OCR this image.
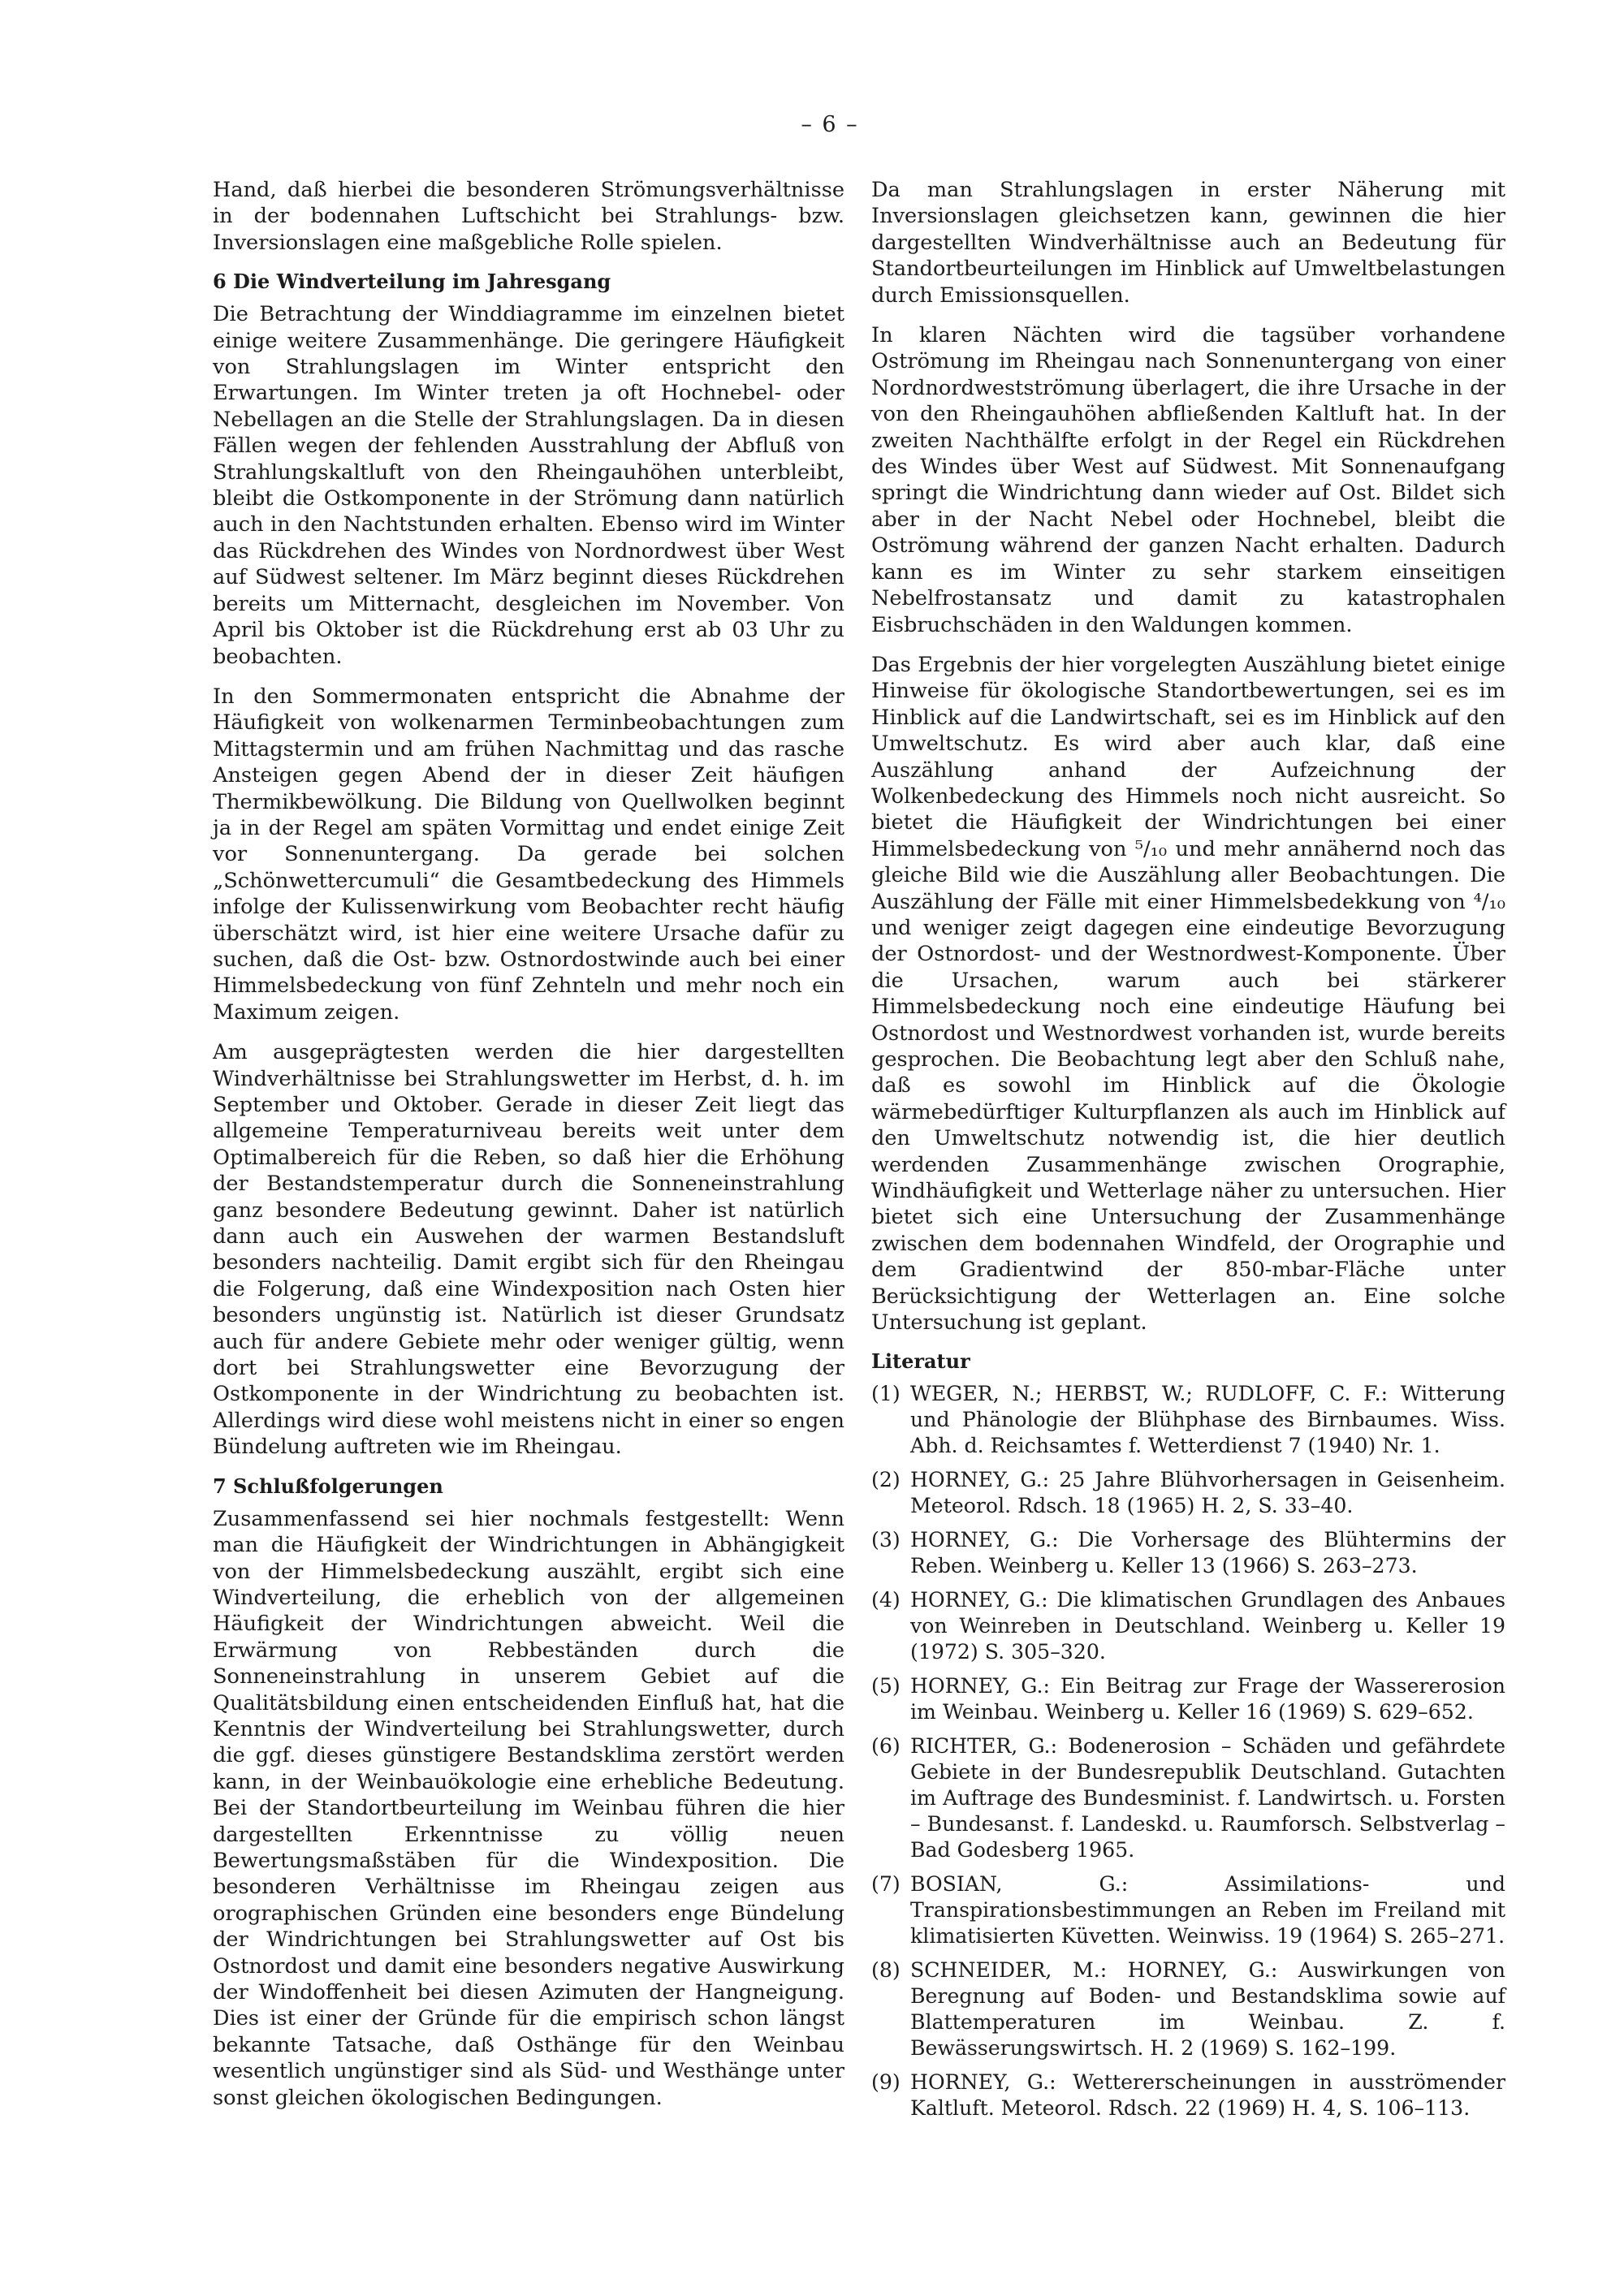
– 6 –

Hand, daß hierbei die besonderen Strömungsverhältnisse in der bodennahen Luftschicht bei Strahlungs- bzw. Inversionslagen eine maßgebliche Rolle spielen.

6 Die Windverteilung im Jahresgang

Die Betrachtung der Winddiagramme im einzelnen bietet einige weitere Zusammenhänge. Die geringere Häufigkeit von Strahlungslagen im Winter entspricht den Erwartungen. Im Winter treten ja oft Hochnebel- oder Nebellagen an die Stelle der Strahlungslagen. Da in diesen Fällen wegen der fehlenden Ausstrahlung der Abfluß von Strahlungskaltluft von den Rheingauhöhen unterbleibt, bleibt die Ostkomponente in der Strömung dann natürlich auch in den Nachtstunden erhalten. Ebenso wird im Winter das Rückdrehen des Windes von Nordnordwest über West auf Südwest seltener. Im März beginnt dieses Rückdrehen bereits um Mitternacht, desgleichen im November. Von April bis Oktober ist die Rückdrehung erst ab 03 Uhr zu beobachten.

In den Sommermonaten entspricht die Abnahme der Häufigkeit von wolkenarmen Terminbeobachtungen zum Mittagstermin und am frühen Nachmittag und das rasche Ansteigen gegen Abend der in dieser Zeit häufigen Thermikbewölkung. Die Bildung von Quellwolken beginnt ja in der Regel am späten Vormittag und endet einige Zeit vor Sonnenuntergang. Da gerade bei solchen „Schönwettercumuli“ die Gesamtbedeckung des Himmels infolge der Kulissenwirkung vom Beobachter recht häufig überschätzt wird, ist hier eine weitere Ursache dafür zu suchen, daß die Ost- bzw. Ostnordostwinde auch bei einer Himmelsbedeckung von fünf Zehnteln und mehr noch ein Maximum zeigen.

Am ausgeprägtesten werden die hier dargestellten Windverhältnisse bei Strahlungswetter im Herbst, d. h. im September und Oktober. Gerade in dieser Zeit liegt das allgemeine Temperaturniveau bereits weit unter dem Optimalbereich für die Reben, so daß hier die Erhöhung der Bestandstemperatur durch die Sonneneinstrahlung ganz besondere Bedeutung gewinnt. Daher ist natürlich dann auch ein Auswehen der warmen Bestandsluft besonders nachteilig. Damit ergibt sich für den Rheingau die Folgerung, daß eine Windexposition nach Osten hier besonders ungünstig ist. Natürlich ist dieser Grundsatz auch für andere Gebiete mehr oder weniger gültig, wenn dort bei Strahlungswetter eine Bevorzugung der Ostkomponente in der Windrichtung zu beobachten ist. Allerdings wird diese wohl meistens nicht in einer so engen Bündelung auftreten wie im Rheingau.

7 Schlußfolgerungen

Zusammenfassend sei hier nochmals festgestellt: Wenn man die Häufigkeit der Windrichtungen in Abhängigkeit von der Himmelsbedeckung auszählt, ergibt sich eine Windverteilung, die erheblich von der allgemeinen Häufigkeit der Windrichtungen abweicht. Weil die Erwärmung von Rebbeständen durch die Sonneneinstrahlung in unserem Gebiet auf die Qualitätsbildung einen entscheidenden Einfluß hat, hat die Kenntnis der Windverteilung bei Strahlungswetter, durch die ggf. dieses günstigere Bestandsklima zerstört werden kann, in der Weinbauökologie eine erhebliche Bedeutung. Bei der Standortbeurteilung im Weinbau führen die hier dargestellten Erkenntnisse zu völlig neuen Bewertungsmaßstäben für die Windexposition. Die besonderen Verhältnisse im Rheingau zeigen aus orographischen Gründen eine besonders enge Bündelung der Windrichtungen bei Strahlungswetter auf Ost bis Ostnordost und damit eine besonders negative Auswirkung der Windoffenheit bei diesen Azimuten der Hangneigung. Dies ist einer der Gründe für die empirisch schon längst bekannte Tatsache, daß Osthänge für den Weinbau wesentlich ungünstiger sind als Süd- und Westhänge unter sonst gleichen ökologischen Bedingungen.

Da man Strahlungslagen in erster Näherung mit Inversionslagen gleichsetzen kann, gewinnen die hier dargestellten Windverhältnisse auch an Bedeutung für Standortbeurteilungen im Hinblick auf Umweltbelastungen durch Emissionsquellen.

In klaren Nächten wird die tagsüber vorhandene Oströmung im Rheingau nach Sonnenuntergang von einer Nordnordwestströmung überlagert, die ihre Ursache in der von den Rheingauhöhen abfließenden Kaltluft hat. In der zweiten Nachthälfte erfolgt in der Regel ein Rückdrehen des Windes über West auf Südwest. Mit Sonnenaufgang springt die Windrichtung dann wieder auf Ost. Bildet sich aber in der Nacht Nebel oder Hochnebel, bleibt die Oströmung während der ganzen Nacht erhalten. Dadurch kann es im Winter zu sehr starkem einseitigen Nebelfrostansatz und damit zu katastrophalen Eisbruchschäden in den Waldungen kommen.

Das Ergebnis der hier vorgelegten Auszählung bietet einige Hinweise für ökologische Standortbewertungen, sei es im Hinblick auf die Landwirtschaft, sei es im Hinblick auf den Umweltschutz. Es wird aber auch klar, daß eine Auszählung anhand der Aufzeichnung der Wolkenbedeckung des Himmels noch nicht ausreicht. So bietet die Häufigkeit der Windrichtungen bei einer Himmelsbedeckung von ⁵/₁₀ und mehr annähernd noch das gleiche Bild wie die Auszählung aller Beobachtungen. Die Auszählung der Fälle mit einer Himmelsbedekkung von ⁴/₁₀ und weniger zeigt dagegen eine eindeutige Bevorzugung der Ostnordost- und der Westnordwest-Komponente. Über die Ursachen, warum auch bei stärkerer Himmelsbedeckung noch eine eindeutige Häufung bei Ostnordost und Westnordwest vorhanden ist, wurde bereits gesprochen. Die Beobachtung legt aber den Schluß nahe, daß es sowohl im Hinblick auf die Ökologie wärmebedürftiger Kulturpflanzen als auch im Hinblick auf den Umweltschutz notwendig ist, die hier deutlich werdenden Zusammenhänge zwischen Orographie, Windhäufigkeit und Wetterlage näher zu untersuchen. Hier bietet sich eine Untersuchung der Zusammenhänge zwischen dem bodennahen Windfeld, der Orographie und dem Gradientwind der 850-mbar-Fläche unter Berücksichtigung der Wetterlagen an. Eine solche Untersuchung ist geplant.

Literatur
(1) WEGER, N.; HERBST, W.; RUDLOFF, C. F.: Witterung und Phänologie der Blühphase des Birnbaumes. Wiss. Abh. d. Reichsamtes f. Wetterdienst 7 (1940) Nr. 1.
(2) HORNEY, G.: 25 Jahre Blühvorhersagen in Geisenheim. Meteorol. Rdsch. 18 (1965) H. 2, S. 33–40.
(3) HORNEY, G.: Die Vorhersage des Blühtermins der Reben. Weinberg u. Keller 13 (1966) S. 263–273.
(4) HORNEY, G.: Die klimatischen Grundlagen des Anbaues von Weinreben in Deutschland. Weinberg u. Keller 19 (1972) S. 305–320.
(5) HORNEY, G.: Ein Beitrag zur Frage der Wassererosion im Weinbau. Weinberg u. Keller 16 (1969) S. 629–652.
(6) RICHTER, G.: Bodenerosion – Schäden und gefährdete Gebiete in der Bundesrepublik Deutschland. Gutachten im Auftrage des Bundesminist. f. Landwirtsch. u. Forsten – Bundesanst. f. Landeskd. u. Raumforsch. Selbstverlag – Bad Godesberg 1965.
(7) BOSIAN, G.: Assimilations- und Transpirationsbestimmungen an Reben im Freiland mit klimatisierten Küvetten. Weinwiss. 19 (1964) S. 265–271.
(8) SCHNEIDER, M.: HORNEY, G.: Auswirkungen von Beregnung auf Boden- und Bestandsklima sowie auf Blattemperaturen im Weinbau. Z. f. Bewässerungswirtsch. H. 2 (1969) S. 162–199.
(9) HORNEY, G.: Wettererscheinungen in ausströmender Kaltluft. Meteorol. Rdsch. 22 (1969) H. 4, S. 106–113.
